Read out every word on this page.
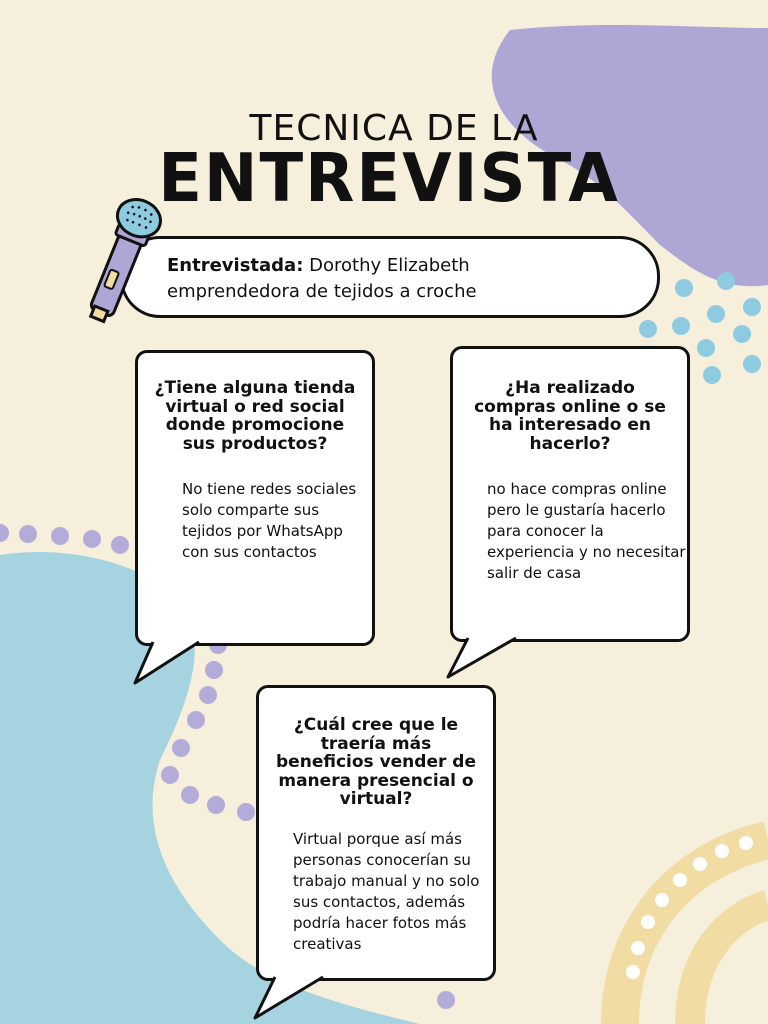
TECNICA DE LA
ENTREVISTA
Entrevistada: Dorothy Elizabeth
emprendedora de tejidos a croche
¿Tiene alguna tienda virtual o red social donde promocione sus productos?
No tiene redes sociales solo comparte sus tejidos por WhatsApp con sus contactos
¿Ha realizado compras online o se ha interesado en hacerlo?
no hace compras online pero le gustaría hacerlo para conocer la experiencia y no necesitar salir de casa
¿Cuál cree que le traería más beneficios vender de manera presencial o virtual?
Virtual porque así más personas conocerían su trabajo manual y no solo sus contactos, además podría hacer fotos más creativas
